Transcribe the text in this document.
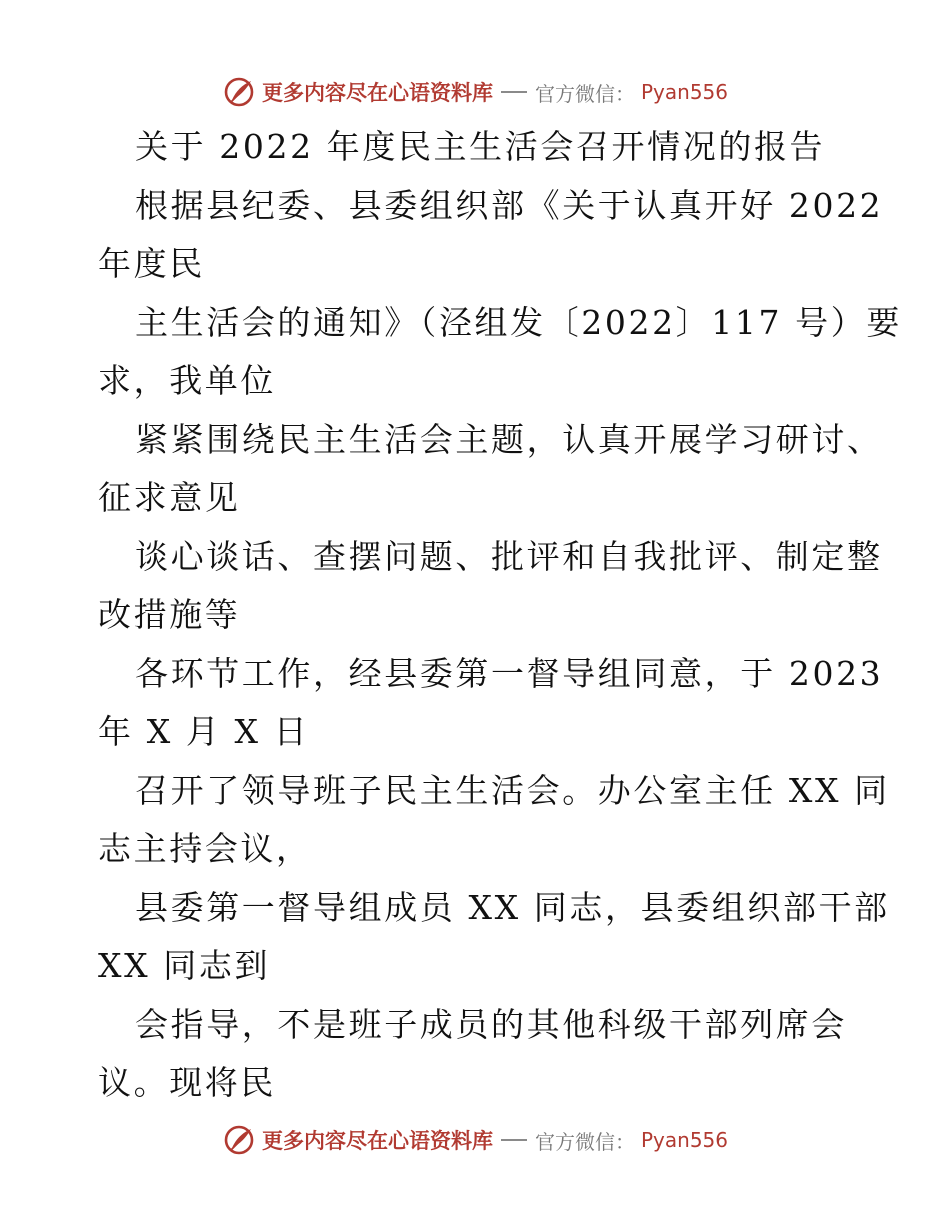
更多内容尽在心语资料库 官方微信： Pyan556
关于 2022 年度民主生活会召开情况的报告
根据县纪委、县委组织部《关于认真开好 2022
年度民
主生活会的通知》（泾组发〔2022〕117 号）要
求，我单位
紧紧围绕民主生活会主题，认真开展学习研讨、
征求意见
谈心谈话、查摆问题、批评和自我批评、制定整
改措施等
各环节工作，经县委第一督导组同意，于 2023
年 X 月 X 日
召开了领导班子民主生活会。办公室主任 XX 同
志主持会议，
县委第一督导组成员 XX 同志，县委组织部干部
XX 同志到
会指导，不是班子成员的其他科级干部列席会
议。现将民
更多内容尽在心语资料库 官方微信： Pyan556
